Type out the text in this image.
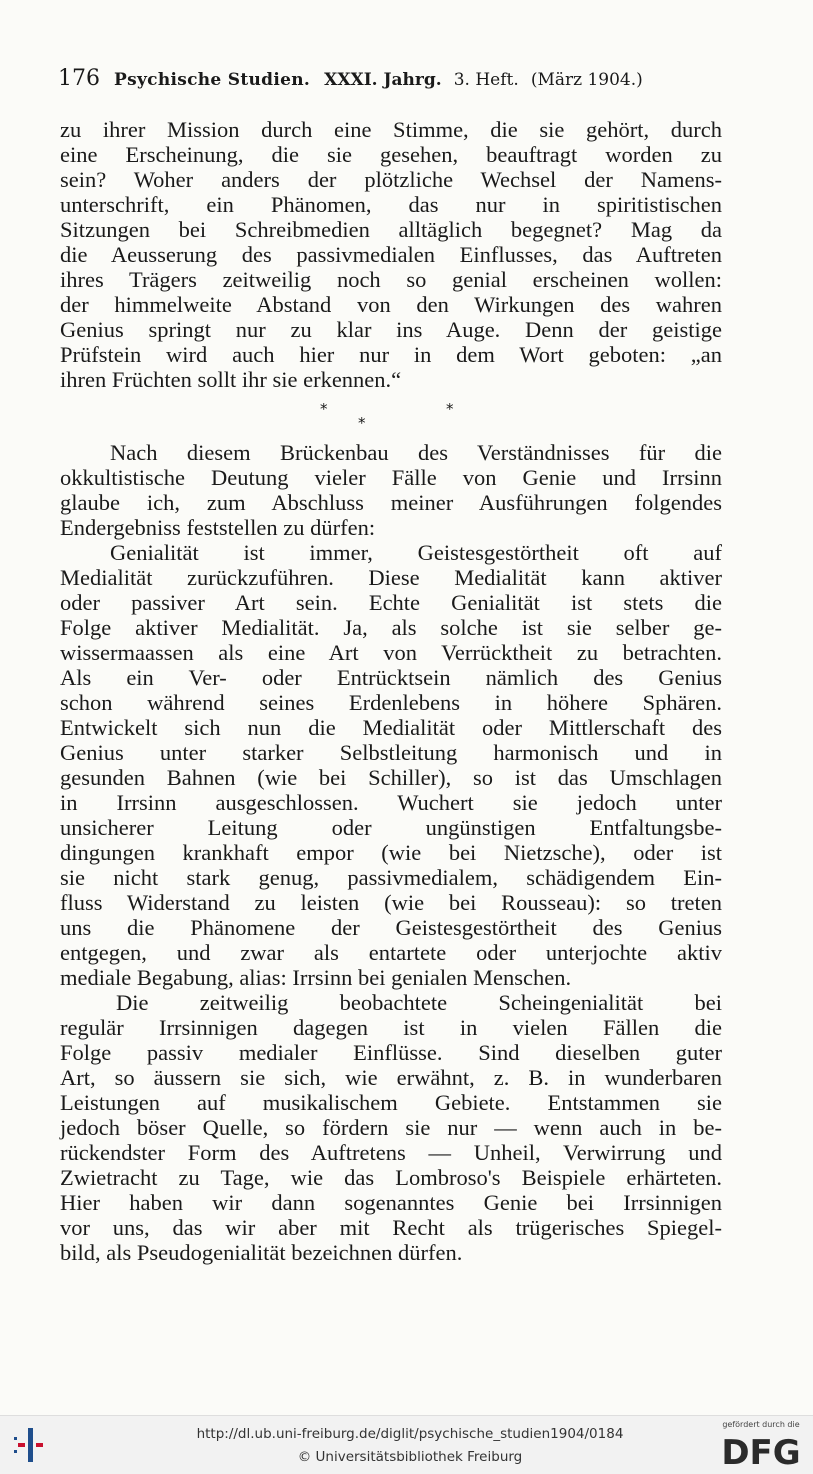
176 Psychische Studien. XXXI. Jahrg. 3. Heft. (März 1904.)
zu ihrer Mission durch eine Stimme, die sie gehört, durch
eine Erscheinung, die sie gesehen, beauftragt worden zu
sein? Woher anders der plötzliche Wechsel der Namens-
unterschrift, ein Phänomen, das nur in spiritistischen
Sitzungen bei Schreibmedien alltäglich begegnet? Mag da
die Aeusserung des passivmedialen Einflusses, das Auftreten
ihres Trägers zeitweilig noch so genial erscheinen wollen:
der himmelweite Abstand von den Wirkungen des wahren
Genius springt nur zu klar ins Auge. Denn der geistige
Prüfstein wird auch hier nur in dem Wort geboten: „an
ihren Früchten sollt ihr sie erkennen.“
*
*
*
Nach diesem Brückenbau des Verständnisses für die
okkultistische Deutung vieler Fälle von Genie und Irrsinn
glaube ich, zum Abschluss meiner Ausführungen folgendes
Endergebniss feststellen zu dürfen:
Genialität ist immer, Geistesgestörtheit oft auf
Medialität zurückzuführen. Diese Medialität kann aktiver
oder passiver Art sein. Echte Genialität ist stets die
Folge aktiver Medialität. Ja, als solche ist sie selber ge-
wissermaassen als eine Art von Verrücktheit zu betrachten.
Als ein Ver- oder Entrücktsein nämlich des Genius
schon während seines Erdenlebens in höhere Sphären.
Entwickelt sich nun die Medialität oder Mittlerschaft des
Genius unter starker Selbstleitung harmonisch und in
gesunden Bahnen (wie bei Schiller), so ist das Umschlagen
in Irrsinn ausgeschlossen. Wuchert sie jedoch unter
unsicherer Leitung oder ungünstigen Entfaltungsbe-
dingungen krankhaft empor (wie bei Nietzsche), oder ist
sie nicht stark genug, passivmedialem, schädigendem Ein-
fluss Widerstand zu leisten (wie bei Rousseau): so treten
uns die Phänomene der Geistesgestörtheit des Genius
entgegen, und zwar als entartete oder unterjochte aktiv
mediale Begabung, alias: Irrsinn bei genialen Menschen.
Die zeitweilig beobachtete Scheingenialität bei
regulär Irrsinnigen dagegen ist in vielen Fällen die
Folge passiv medialer Einflüsse. Sind dieselben guter
Art, so äussern sie sich, wie erwähnt, z. B. in wunderbaren
Leistungen auf musikalischem Gebiete. Entstammen sie
jedoch böser Quelle, so fördern sie nur — wenn auch in be-
rückendster Form des Auftretens — Unheil, Verwirrung und
Zwietracht zu Tage, wie das Lombroso's Beispiele erhärteten.
Hier haben wir dann sogenanntes Genie bei Irrsinnigen
vor uns, das wir aber mit Recht als trügerisches Spiegel-
bild, als Pseudogenialität bezeichnen dürfen.
http://dl.ub.uni-freiburg.de/diglit/psychische_studien1904/0184
© Universitätsbibliothek Freiburg
gefördert durch die
DFG
